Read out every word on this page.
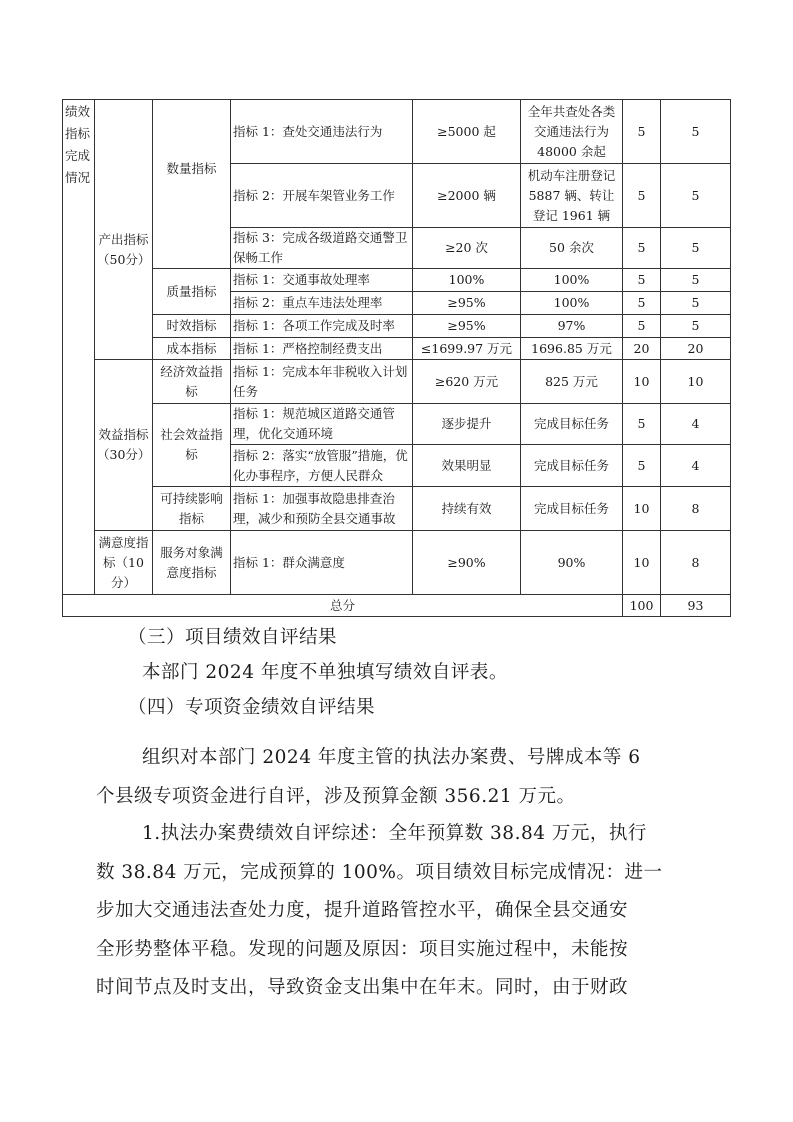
绩效指标完成情况	产出指标（50分）	数量指标	指标 1：查处交通违法行为	≥5000 起	全年共查处各类交通违法行为48000 余起	5	5
			指标 2：开展车架管业务工作	≥2000 辆	机动车注册登记5887 辆、转让登记 1961 辆	5	5
			指标 3：完成各级道路交通警卫保畅工作	≥20 次	50 余次	5	5
		质量指标	指标 1：交通事故处理率	100%	100%	5	5
			指标 2：重点车违法处理率	≥95%	100%	5	5
		时效指标	指标 1：各项工作完成及时率	≥95%	97%	5	5
		成本指标	指标 1：严格控制经费支出	≤1699.97 万元	1696.85 万元	20	20
	效益指标（30分）	经济效益指标	指标 1：完成本年非税收入计划任务	≥620 万元	825 万元	10	10
		社会效益指标	指标 1：规范城区道路交通管理，优化交通环境	逐步提升	完成目标任务	5	4
			指标 2：落实“放管服”措施，优化办事程序，方便人民群众	效果明显	完成目标任务	5	4
		可持续影响指标	指标 1：加强事故隐患排查治理，减少和预防全县交通事故	持续有效	完成目标任务	10	8
	满意度指标（10分）	服务对象满意度指标	指标 1：群众满意度	≥90%	90%	10	8
总分	100	93
（三）项目绩效自评结果
本部门 2024 年度不单独填写绩效自评表。
（四）专项资金绩效自评结果
组织对本部门 2024 年度主管的执法办案费、号牌成本等 6
个县级专项资金进行自评，涉及预算金额 356.21 万元。
1.执法办案费绩效自评综述：全年预算数 38.84 万元，执行
数 38.84 万元，完成预算的 100%。项目绩效目标完成情况：进一
步加大交通违法查处力度，提升道路管控水平，确保全县交通安
全形势整体平稳。发现的问题及原因：项目实施过程中，未能按
时间节点及时支出，导致资金支出集中在年末。同时，由于财政
